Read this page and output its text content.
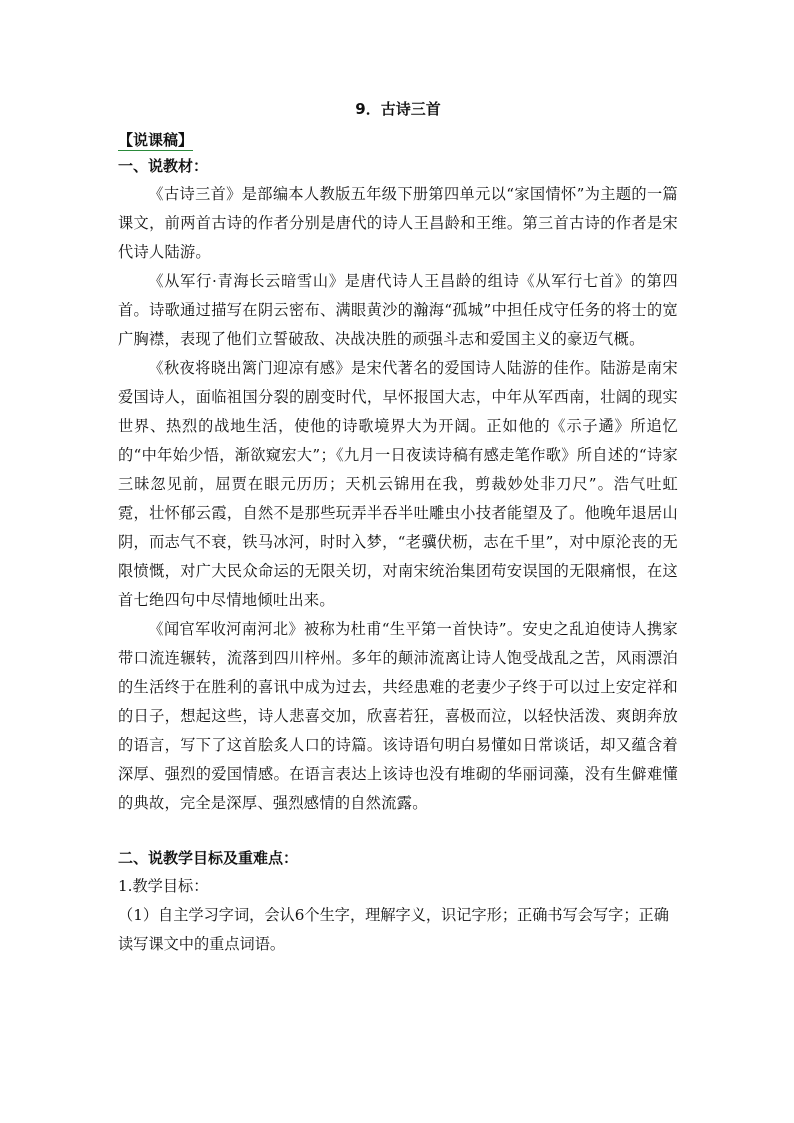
9．古诗三首
【说课稿】
一、说教材：

《古诗三首》是部编本人教版五年级下册第四单元以“家国情怀”为主题的一篇课文，前两首古诗的作者分别是唐代的诗人王昌龄和王维。第三首古诗的作者是宋代诗人陆游。

《从军行·青海长云暗雪山》是唐代诗人王昌龄的组诗《从军行七首》的第四首。诗歌通过描写在阴云密布、满眼黄沙的瀚海“孤城”中担任戍守任务的将士的宽广胸襟，表现了他们立誓破敌、决战决胜的顽强斗志和爱国主义的豪迈气概。

《秋夜将晓出篱门迎凉有感》是宋代著名的爱国诗人陆游的佳作。陆游是南宋爱国诗人，面临祖国分裂的剧变时代，早怀报国大志，中年从军西南，壮阔的现实世界、热烈的战地生活，使他的诗歌境界大为开阔。正如他的《示子遹》所追忆的“中年始少悟，渐欲窥宏大”；《九月一日夜读诗稿有感走笔作歌》所自述的“诗家三昧忽见前，屈贾在眼元历历；天机云锦用在我，剪裁妙处非刀尺”。浩气吐虹霓，壮怀郁云霞，自然不是那些玩弄半吞半吐雕虫小技者能望及了。他晚年退居山阴，而志气不衰，铁马冰河，时时入梦，“老骥伏枥，志在千里”，对中原沦丧的无限愤慨，对广大民众命运的无限关切，对南宋统治集团苟安误国的无限痛恨，在这首七绝四句中尽情地倾吐出来。

《闻官军收河南河北》被称为杜甫“生平第一首快诗”。安史之乱迫使诗人携家带口流连辗转，流落到四川梓州。多年的颠沛流离让诗人饱受战乱之苦，风雨漂泊的生活终于在胜利的喜讯中成为过去，共经患难的老妻少子终于可以过上安定祥和的日子，想起这些，诗人悲喜交加，欣喜若狂，喜极而泣，以轻快活泼、爽朗奔放的语言，写下了这首脍炙人口的诗篇。该诗语句明白易懂如日常谈话，却又蕴含着深厚、强烈的爱国情感。在语言表达上该诗也没有堆砌的华丽词藻，没有生僻难懂的典故，完全是深厚、强烈感情的自然流露。

二、说教学目标及重难点：

1.教学目标：

（1）自主学习字词，会认6个生字，理解字义，识记字形；正确书写会写字；正确读写课文中的重点词语。
